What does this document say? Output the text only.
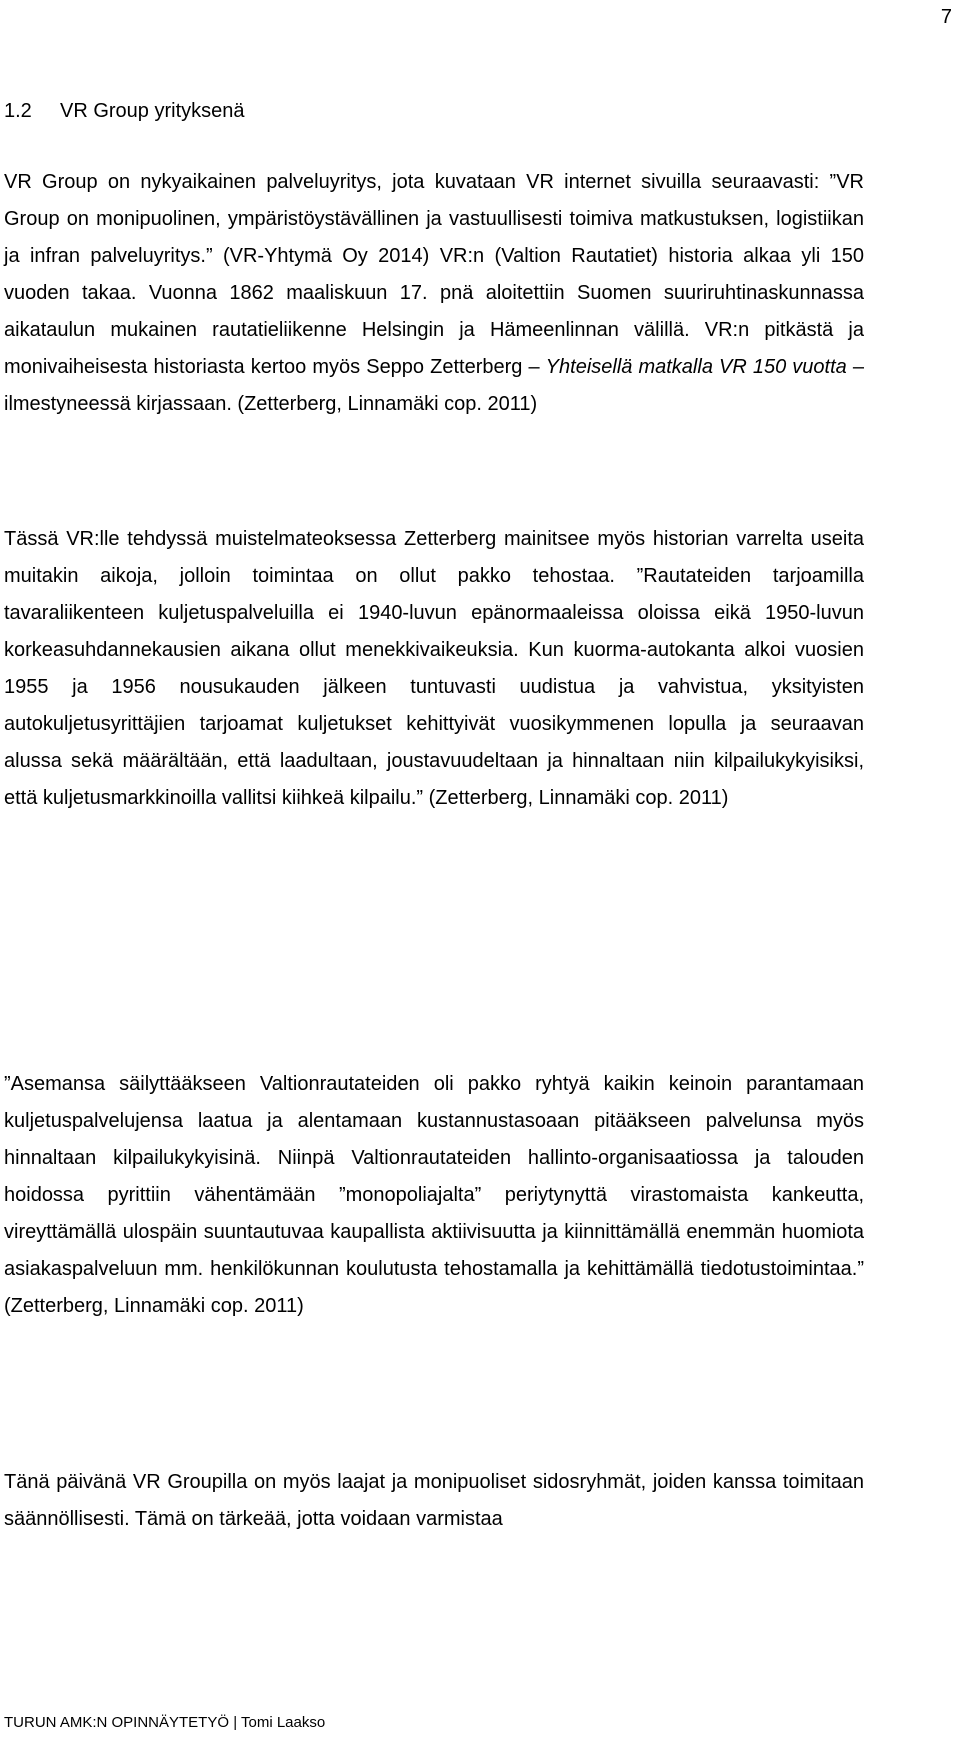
7
1.2 VR Group yrityksenä

VR Group on nykyaikainen palveluyritys, jota kuvataan VR internet sivuilla seuraavasti: ”VR Group on monipuolinen, ympäristöystävällinen ja vastuullisesti toimiva matkustuksen, logistiikan ja infran palveluyritys.” (VR-Yhtymä Oy 2014) VR:n (Valtion Rautatiet) historia alkaa yli 150 vuoden takaa. Vuonna 1862 maaliskuun 17. pnä aloitettiin Suomen suuriruhtinaskunnassa aikataulun mukainen rautatieliikenne Helsingin ja Hämeenlinnan välillä. VR:n pitkästä ja monivaiheisesta historiasta kertoo myös Seppo Zetterberg – Yhteisellä matkalla VR 150 vuotta – ilmestyneessä kirjassaan. (Zetterberg, Linnamäki cop. 2011)

Tässä VR:lle tehdyssä muistelmateoksessa Zetterberg mainitsee myös historian varrelta useita muitakin aikoja, jolloin toimintaa on ollut pakko tehostaa. ”Rautateiden tarjoamilla tavaraliikenteen kuljetuspalveluilla ei 1940-luvun epänormaaleissa oloissa eikä 1950-luvun korkeasuhdannekausien aikana ollut menekkivaikeuksia. Kun kuorma-autokanta alkoi vuosien 1955 ja 1956 nousukauden jälkeen tuntuvasti uudistua ja vahvistua, yksityisten autokuljetusyrittäjien tarjoamat kuljetukset kehittyivät vuosikymmenen lopulla ja seuraavan alussa sekä määrältään, että laadultaan, joustavuudeltaan ja hinnaltaan niin kilpailukykyisiksi, että kuljetusmarkkinoilla vallitsi kiihkeä kilpailu.” (Zetterberg, Linnamäki cop. 2011)

”Asemansa säilyttääkseen Valtionrautateiden oli pakko ryhtyä kaikin keinoin parantamaan kuljetuspalvelujensa laatua ja alentamaan kustannustasoaan pitääkseen palvelunsa myös hinnaltaan kilpailukykyisinä. Niinpä Valtionrautateiden hallinto-organisaatiossa ja talouden hoidossa pyrittiin vähentämään ”monopoliajalta” periytynyttä virastomaista kankeutta, vireyttämällä ulospäin suuntautuvaa kaupallista aktiivisuutta ja kiinnittämällä enemmän huomiota asiakaspalveluun mm. henkilökunnan koulutusta tehostamalla ja kehittämällä tiedotustoimintaa.” (Zetterberg, Linnamäki cop. 2011)

Tänä päivänä VR Groupilla on myös laajat ja monipuoliset sidosryhmät, joiden kanssa toimitaan säännöllisesti. Tämä on tärkeää, jotta voidaan varmistaa

TURUN AMK:N OPINNÄYTETYÖ | Tomi Laakso
